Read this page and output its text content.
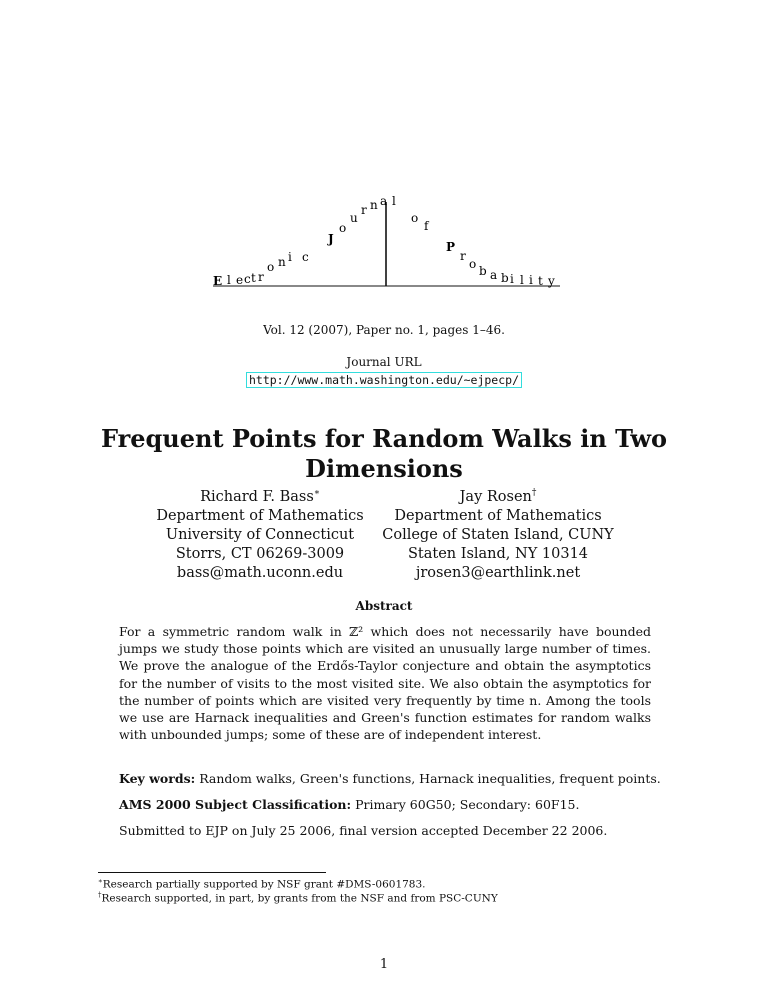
E l e c t r
o n i c
J
o
u
r n a l
o
f
P
r
o b a b i l i t y
Vol. 12 (2007), Paper no. 1, pages 1–46.
Journal URL
http://www.math.washington.edu/~ejpecp/
Frequent Points for Random Walks in Two
Dimensions
Richard F. Bass∗
Department of Mathematics
University of Connecticut
Storrs, CT 06269-3009
bass@math.uconn.edu
Jay Rosen†
Department of Mathematics
College of Staten Island, CUNY
Staten Island, NY 10314
jrosen3@earthlink.net
Abstract
For a symmetric random walk in ℤ² which does not necessarily have bounded jumps we study those points which are visited an unusually large number of times. We prove the analogue of the Erdős-Taylor conjecture and obtain the asymptotics for the number of visits to the most visited site. We also obtain the asymptotics for the number of points which are visited very frequently by time n. Among the tools we use are Harnack inequalities and Green's function estimates for random walks with unbounded jumps; some of these are of independent interest.
Key words: Random walks, Green's functions, Harnack inequalities, frequent points.
AMS 2000 Subject Classification: Primary 60G50; Secondary: 60F15.
Submitted to EJP on July 25 2006, final version accepted December 22 2006.
∗Research partially supported by NSF grant #DMS-0601783.
†Research supported, in part, by grants from the NSF and from PSC-CUNY
1
